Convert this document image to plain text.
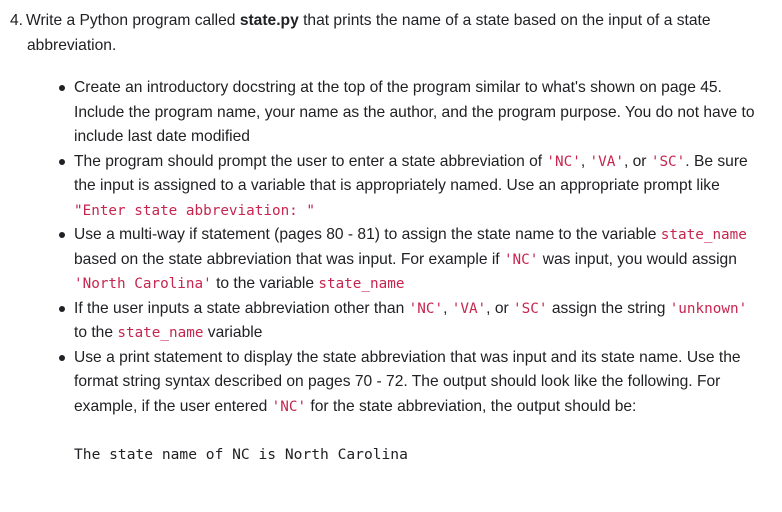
4. Write a Python program called state.py that prints the name of a state based on the input of a state

abbreviation.

Create an introductory docstring at the top of the program similar to what's shown on page 45. Include the program name, your name as the author, and the program purpose. You do not have to include last date modified
The program should prompt the user to enter a state abbreviation of 'NC', 'VA', or 'SC'. Be sure the input is assigned to a variable that is appropriately named. Use an appropriate prompt like "Enter state abbreviation: "
Use a multi-way if statement (pages 80 - 81) to assign the state name to the variable state_name based on the state abbreviation that was input. For example if 'NC' was input, you would assign 'North Carolina' to the variable state_name
If the user inputs a state abbreviation other than 'NC', 'VA', or 'SC' assign the string 'unknown' to the state_name variable
Use a print statement to display the state abbreviation that was input and its state name. Use the format string syntax described on pages 70 - 72. The output should look like the following. For example, if the user entered 'NC' for the state abbreviation, the output should be:
The state name of NC is North Carolina
